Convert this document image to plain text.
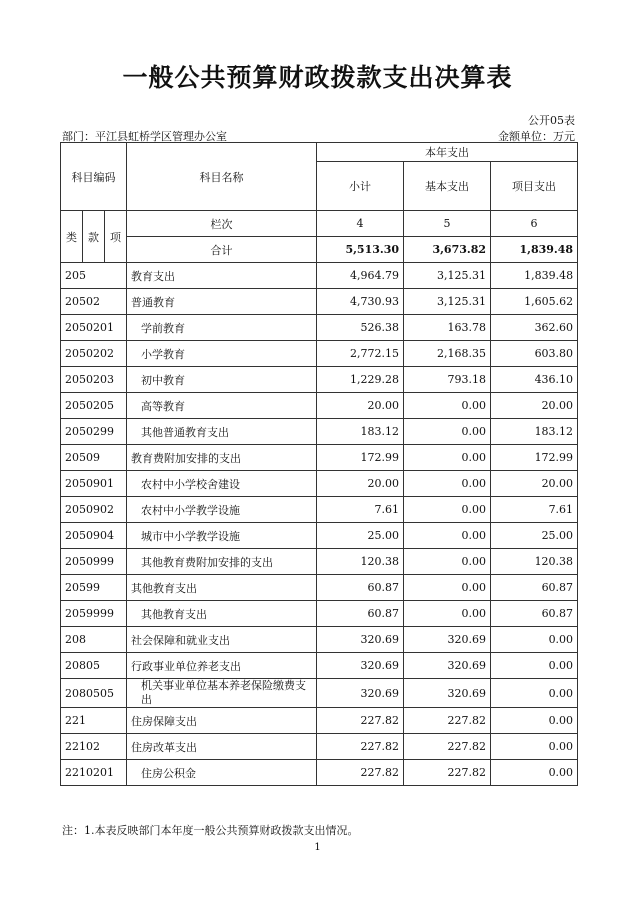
一般公共预算财政拨款支出决算表
公开05表
部门：平江县虹桥学区管理办公室	金额单位：万元
科目编码			科目名称	本年支出		
				小计	基本支出	项目支出
类	款	项	栏次	4	5	6
			合计	5,513.30	3,673.82	1,839.48
205			教育支出	4,964.79	3,125.31	1,839.48
20502			普通教育	4,730.93	3,125.31	1,605.62
2050201			学前教育	526.38	163.78	362.60
2050202			小学教育	2,772.15	2,168.35	603.80
2050203			初中教育	1,229.28	793.18	436.10
2050205			高等教育	20.00	0.00	20.00
2050299			其他普通教育支出	183.12	0.00	183.12
20509			教育费附加安排的支出	172.99	0.00	172.99
2050901			农村中小学校舍建设	20.00	0.00	20.00
2050902			农村中小学教学设施	7.61	0.00	7.61
2050904			城市中小学教学设施	25.00	0.00	25.00
2050999			其他教育费附加安排的支出	120.38	0.00	120.38
20599			其他教育支出	60.87	0.00	60.87
2059999			其他教育支出	60.87	0.00	60.87
208			社会保障和就业支出	320.69	320.69	0.00
20805			行政事业单位养老支出	320.69	320.69	0.00
2080505			机关事业单位基本养老保险缴费支出	320.69	320.69	0.00
221			住房保障支出	227.82	227.82	0.00
22102			住房改革支出	227.82	227.82	0.00
2210201			住房公积金	227.82	227.82	0.00
注：1.本表反映部门本年度一般公共预算财政拨款支出情况。
1
